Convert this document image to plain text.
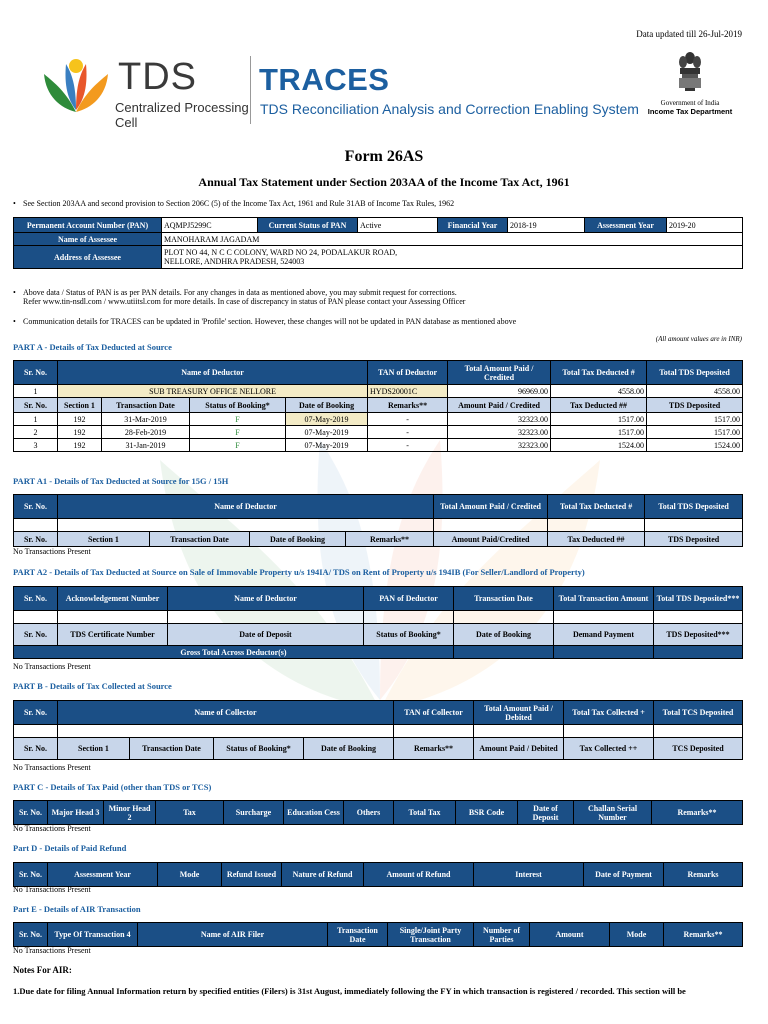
Data updated till 26-Jul-2019
TDS
Centralized Processing Cell
TRACES
TDS Reconciliation Analysis and Correction Enabling System	Government of India
Income Tax Department
Form 26AS
Annual Tax Statement under Section 203AA of the Income Tax Act, 1961
• See Section 203AA and second provision to Section 206C (5) of the Income Tax Act, 1961 and Rule 31AB of Income Tax Rules, 1962
Permanent Account Number (PAN)	AQMPJ5299C	Current Status of PAN	Active	Financial Year	2018-19	Assessment Year	2019-20
Name of Assessee	MANOHARAM JAGADAM						
Address of Assessee	PLOT NO 44, N C C COLONY, WARD NO 24, PODALAKUR ROAD,
NELLORE, ANDHRA PRADESH, 524003						
• Above data / Status of PAN is as per PAN details. For any changes in data as mentioned above, you may submit request for corrections.
Refer www.tin-nsdl.com / www.utiitsl.com for more details. In case of discrepancy in status of PAN please contact your Assessing Officer
• Communication details for TRACES can be updated in 'Profile' section. However, these changes will not be updated in PAN database as mentioned above
(All amount values are in INR)
PART A - Details of Tax Deducted at Source
Sr. No.	Name of Deductor				TAN of Deductor	Total Amount Paid / Credited	Total Tax Deducted #	Total TDS Deposited
1	SUB TREASURY OFFICE NELLORE				HYDS20001C	96969.00	4558.00	4558.00
Sr. No.	Section 1	Transaction Date	Status of Booking*	Date of Booking	Remarks**	Amount Paid / Credited	Tax Deducted ##	TDS Deposited
1	192	31-Mar-2019	F	07-May-2019	-	32323.00	1517.00	1517.00
2	192	28-Feb-2019	F	07-May-2019	-	32323.00	1517.00	1517.00
3	192	31-Jan-2019	F	07-May-2019	-	32323.00	1524.00	1524.00
PART A1 - Details of Tax Deducted at Source for 15G / 15H
Sr. No.	Name of Deductor				Total Amount Paid / Credited	Total Tax Deducted #	Total TDS Deposited

Sr. No.	Section 1	Transaction Date	Date of Booking	Remarks**	Amount Paid/Credited	Tax Deducted ##	TDS Deposited
No Transactions Present
PART A2 - Details of Tax Deducted at Source on Sale of Immovable Property u/s 194IA/ TDS on Rent of Property u/s 194IB (For Seller/Landlord of Property)
Sr. No.	Acknowledgement Number	Name of Deductor	PAN of Deductor	Transaction Date	Total Transaction Amount	Total TDS Deposited***

Sr. No.	TDS Certificate Number	Date of Deposit	Status of Booking*	Date of Booking	Demand Payment	TDS Deposited***
Gross Total Across Deductor(s)						
No Transactions Present
PART B - Details of Tax Collected at Source
Sr. No.	Name of Collector				TAN of Collector	Total Amount Paid / Debited	Total Tax Collected +	Total TCS Deposited

Sr. No.	Section 1	Transaction Date	Status of Booking*	Date of Booking	Remarks**	Amount Paid / Debited	Tax Collected ++	TCS Deposited
No Transactions Present
PART C - Details of Tax Paid (other than TDS or TCS)
Sr. No.	Major Head 3	Minor Head 2	Tax	Surcharge	Education Cess	Others	Total Tax	BSR Code	Date of Deposit	Challan Serial Number	Remarks**
No Transactions Present
Part D - Details of Paid Refund
Sr. No.	Assessment Year	Mode	Refund Issued	Nature of Refund	Amount of Refund	Interest	Date of Payment	Remarks
No Transactions Present
Part E - Details of AIR Transaction
Sr. No.	Type Of Transaction 4	Name of AIR Filer	Transaction Date	Single/Joint Party Transaction	Number of Parties	Amount	Mode	Remarks**
No Transactions Present
Notes For AIR:
1.Due date for filing Annual Information return by specified entities (Filers) is 31st August, immediately following the FY in which transaction is registered / recorded. This section will be
